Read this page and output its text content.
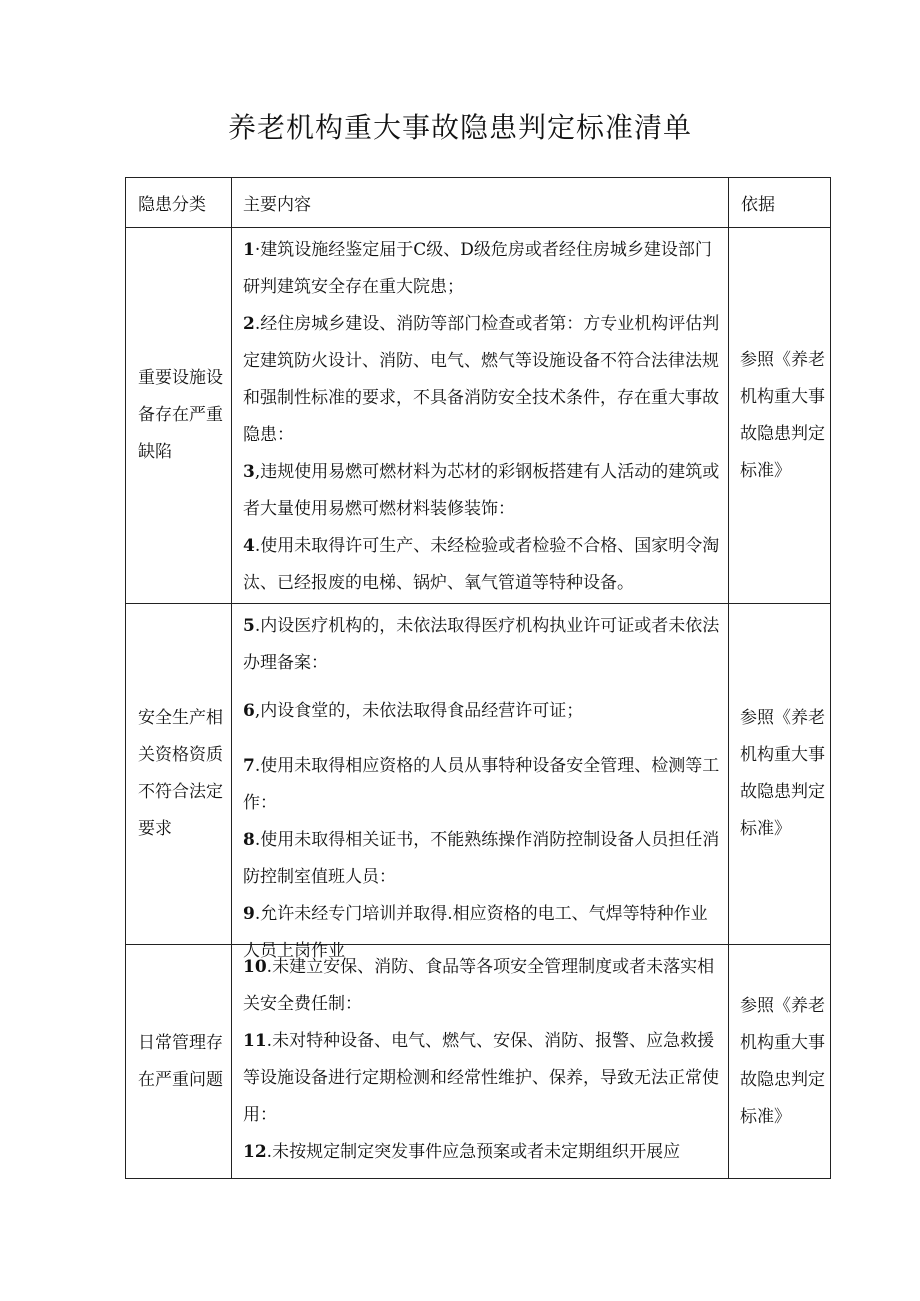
养老机构重大事故隐患判定标准清单
隐患分类	主要内容	依据
重要设施设备存在严重缺陷	1·建筑设施经鉴定届于C级、D级危房或者经住房城乡建设部门研判建筑安全存在重大院患；

2.经住房城乡建设、消防等部门检查或者第：方专业机构评估判定建筑防火设计、消防、电气、燃气等设施设备不符合法律法规和强制性标准的要求，不具备消防安全技术条件，存在重大事故隐患：

3,违规使用易燃可燃材料为芯材的彩钢板搭建有人活动的建筑或者大量使用易燃可燃材料装修装饰：

4.使用未取得许可生产、未经检验或者检验不合格、国家明令淘汰、已经报废的电梯、锅炉、氧气管道等特种设备。	参照《养老机构重大事故隐患判定标准》
安全生产相关资格资质不符合法定要求	5.内设医疗机构的，未依法取得医疗机构执业许可证或者未依法办理备案：

6,内设食堂的，未依法取得食品经营许可证；

7.使用未取得相应资格的人员从事特种设备安全管理、检测等工作：

8.使用未取得相关证书，不能熟练操作消防控制设备人员担任消防控制室值班人员：

9.允许未经专门培训并取得.相应资格的电工、气焊等特种作业人员上岗作业	参照《养老机构重大事故隐患判定标准》
日常管理存在严重问题	10.未建立安保、消防、食品等各项安全管理制度或者未落实相关安全费任制：

11.未对特种设备、电气、燃气、安保、消防、报警、应急救援等设施设备进行定期检测和经常性维护、保养，导致无法正常使用：

12.未按规定制定突发事件应急预案或者未定期组织开展应	参照《养老机构重大事故隐忠判定标准》
